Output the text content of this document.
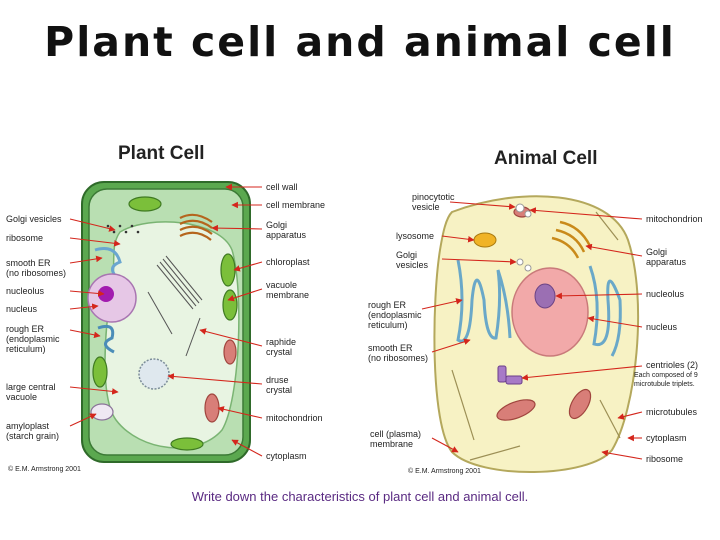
Plant cell and animal cell
Plant Cell	Animal Cell
Golgi vesicles
ribosome
smooth ER
(no ribosomes)
nucleolus
nucleus
rough ER
(endoplasmic
reticulum)
large central
vacuole
amyloplast
(starch grain)
cell wall
cell membrane
Golgi
apparatus
chloroplast
vacuole
membrane
raphide
crystal
druse
crystal
mitochondrion
cytoplasm
© E.M. Armstrong 2001
pinocytotic
vesicle
lysosome
Golgi
vesicles
rough ER
(endoplasmic
reticulum)
smooth ER
(no ribosomes)
cell (plasma)
membrane
mitochondrion
Golgi
apparatus
nucleolus
nucleus
centrioles (2)
Each composed of 9
microtubule triplets.
microtubules
cytoplasm
ribosome
© E.M. Armstrong 2001
Write down the characteristics of plant cell and animal cell.
